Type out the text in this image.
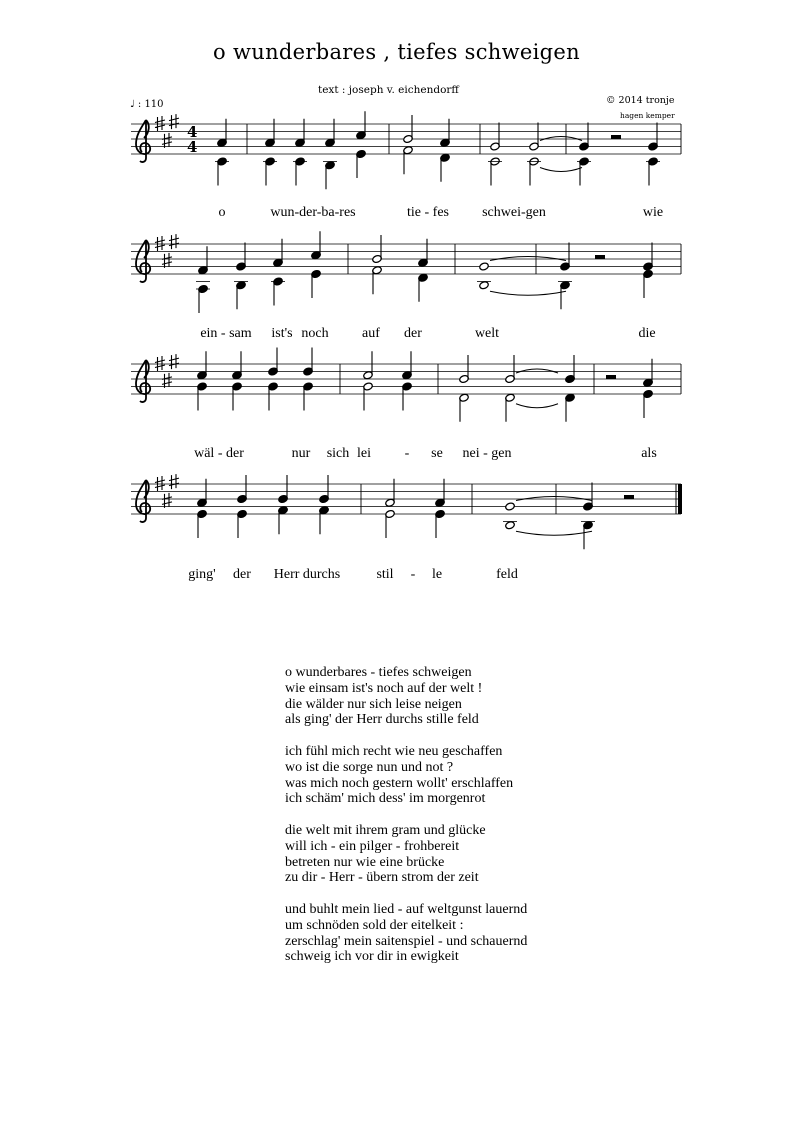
o wunderbares , tiefes schweigen
text : joseph v. eichendorff
♩ : 110	© 2014 tronje
hagen kemper
4
4
o	wun-der-ba-res	tie - fes schwei-gen	wie
ein - sam ist's noch auf der	welt	die
wäl - der	nur sich lei - se nei - gen	als
ging' der Herr durchs	stil - le	feld
o wunderbares - tiefes schweigen
wie einsam ist's noch auf der welt !
die wälder nur sich leise neigen
als ging' der Herr durchs stille feld
ich fühl mich recht wie neu geschaffen
wo ist die sorge nun und not ?
was mich noch gestern wollt' erschlaffen
ich schäm' mich dess' im morgenrot
die welt mit ihrem gram und glücke
will ich - ein pilger - frohbereit
betreten nur wie eine brücke
zu dir - Herr - übern strom der zeit
und buhlt mein lied - auf weltgunst lauernd
um schnöden sold der eitelkeit :
zerschlag' mein saitenspiel - und schauernd
schweig ich vor dir in ewigkeit
